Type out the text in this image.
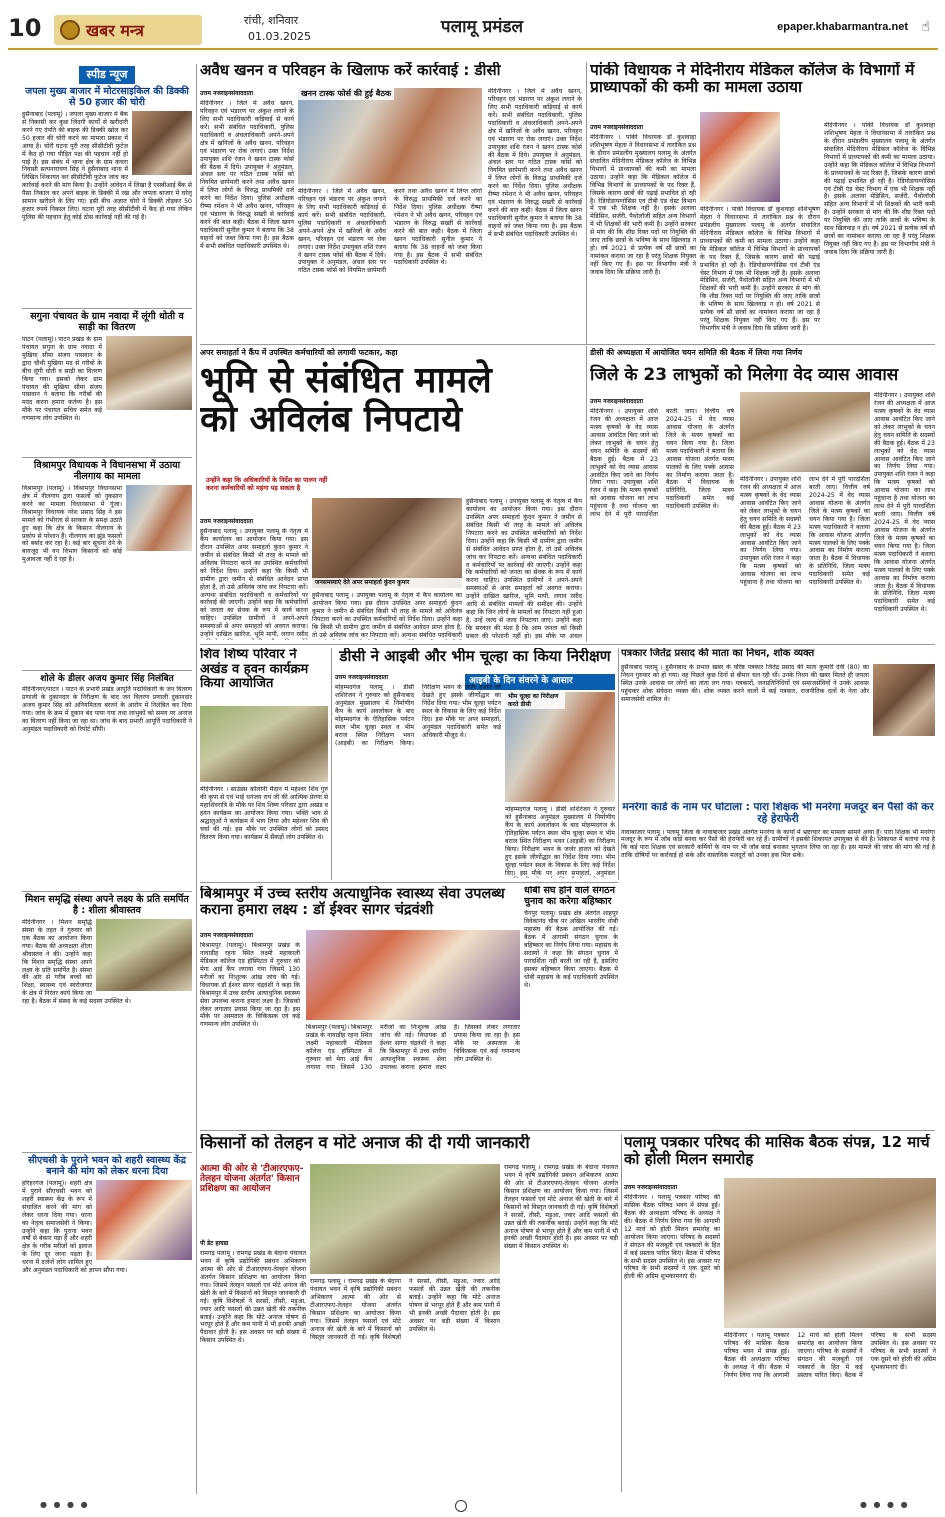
10	खबर मन्त्र
रांची, शनिवार
01.03.2025	पलामू प्रमंडल	epaper.khabarmantra.net ☝
स्पीड न्यूज
जपला मुख्य बाजार में मोटरसाइकिल की डिक्की से 50 हजार की चोरी
हुसैनाबाद (पलामू) । जपला मुख्य बाजार में बैंक से निकासी कर कुछ जिंदगी कार्यों से खरीदारी करने गए दंपति की बाइक की डिक्की खोल कर 50 हजार की चोरी करने का मामला प्रकाश में आया है। चोरी घटना पूरी तरह सीसीटीवी फुटेज में कैद हो गया पीड़ित पक्ष की पहचान नहीं हो पाई है। इस संबंध में थाना क्षेत्र के ग्राम कचरा निवासी सत्यनारायण सिंह ने हुसैनाबाद थाना में लिखित शिकायत कर सीसीटीवी फुटेज जांच कर कार्रवाई करने की मांग किया है। उन्होंने आवेदन में लिखा है एसबीआई बैंक से पैसा निकाल कर अपने बाइक के डिक्की में रख और जपला बाजार में घरेलू सामान खरीदने के लिए गए। इसी बीच अज्ञात चोरों ने डिक्की तोड़कर 50 हजार रुपये निकाल लिए। घटना पूरी तरह सीसीटीवी में कैद हो गया लेकिन पुलिस की पहचान हेतु कोई ठोस कार्रवाई नहीं की गई है।
सगुना पंचायत के ग्राम नवादा में लूंगी धोती व साड़ी का वितरण
पाटन (पलामू)। पाटन प्रखंड के ग्राम पंचायत सगुना के ग्राम नवादा में मुखिया सीमा संजय पासवान के द्वारा चौथी मुखिया मद से गरीबों के बीच लूंगी धोती व साड़ी का वितरण किया गया। इसको लेकर ग्राम पंचायत की मुखिया सीमा संजय पासवान ने बताया कि गरीबों की मदद करना हमारा कर्तव्य है। इस मौके पर पंचायत सचिव समेत कई गणमान्य लोग उपस्थित थे।
विश्रामपुर विधायक ने विधानसभा में उठाया नीलगाय का मामला
विश्रामपुर (पलामू) । विश्रामपुर विधानसभा क्षेत्र में नीलगाय द्वारा फसलों को नुकसान करने का मामला विधानसभा में गूंजा। विश्रामपुर विधायक नरेश प्रसाद सिंह ने इस मामले को गंभीरता से सरकार के समक्ष उठाते हुए कहा कि क्षेत्र के किसान नीलगाय के प्रकोप से परेशान हैं। नीलगाय का झुंड फसलों को बर्बाद कर रहा है। कई बार सूचना देने के बावजूद भी वन विभाग किसानों को कोई मुआवजा नहीं दे रहा है।
शोले के डीलर अजय कुमार सिंह निलंबित
मेदिनीनगर/पाटन । पाटन के प्रभारी प्रखंड आपूर्ति पदाधिकारी के जन वितरण प्रणाली के दुकानदार के निरीक्षण के बाद जन वितरण प्रणाली दुकानदार अजय कुमार सिंह को अनियमितता बरतने के आरोप में निलंबित कर दिया गया। जांच के क्रम में दुकान बंद पाया गया तथा लाभुकों को समय पर अनाज का वितरण नहीं किया जा रहा था। जांच के बाद प्रभारी आपूर्ति पदाधिकारी ने अनुमंडल पदाधिकारी को रिपोर्ट सौंपी।
मिशन समृद्धि संस्था अपने लक्ष्य के प्रति समर्पित है : शीला श्रीवास्तव
मेदिनीनगर । मिशन समृद्धि संस्था के तहत ने गुरुवार को एक बैठक का आयोजन किया गया। बैठक की अध्यक्षता शीला श्रीवास्तव ने की। उन्होंने कहा कि मिशन समृद्धि संस्था अपने लक्ष्य के प्रति समर्पित है। संस्था की ओर से गरीब बच्चों को शिक्षा, स्वास्थ्य एवं स्वरोजगार के क्षेत्र में निरंतर कार्य किया जा रहा है। बैठक में संस्था के कई सदस्य उपस्थित थे।
सीएचसी के पुराने भवन को शहरी स्वास्थ्य केंद्र बनाने की मांग को लेकर धरना दिया
हरिहरगंज (पलामू)। शहरी क्षेत्र में पुराने सीएचसी भवन को शहरी स्वास्थ्य केंद्र के रूप में संचालित करने की मांग को लेकर धरना दिया गया। धरना का नेतृत्व समाजसेवी ने किया। उन्होंने कहा कि पुराना भवन वर्षों से बेकार पड़ा है और शहरी क्षेत्र के गरीब मरीजों को इलाज के लिए दूर जाना पड़ता है। धरना में दर्जनों लोग शामिल हुए और अनुमंडल पदाधिकारी को ज्ञापन सौंपा गया।
अवैध खनन व परिवहन के खिलाफ करें कार्रवाई : डीसी
खनन टास्क फोर्स की हुई बैठक
उत्तम नजराइनसंवाददाता
मेदिनीनगर । जिले में अवैध खनन, परिवहन एवं भंडारण पर अंकुश लगाने के लिए सभी पदाधिकारी कड़ियाई से कार्य करें। सभी संबंधित पदाधिकारी, पुलिस पदाधिकारी व अंचलाधिकारी अपने-अपने क्षेत्र में खनिजों के अवैध खनन, परिवहन एवं भंडारण पर रोक लगाएं। उक्त निर्देश उपायुक्त शशि रंजन ने खनन टास्क फोर्स की बैठक में दिये। उपायुक्त ने अनुमंडल, अंचल स्तर पर गठित टास्क फोर्स को नियमित छापेमारी करने तथा अवैध खनन में लिप्त लोगों के विरुद्ध प्राथमिकी दर्ज करने का निर्देश दिया। पुलिस अधीक्षक रीष्मा रमेशन ने भी अवैध खनन, परिवहन एवं भंडारण के विरुद्ध सख्ती से कार्रवाई करने की बात कही। बैठक में जिला खनन पदाधिकारी सुनील कुमार ने बताया कि 38 वाहनों को जब्त किया गया है। इस बैठक में सभी संबंधित पदाधिकारी उपस्थित थे।
मेदिनीनगर । जिले में अवैध खनन, परिवहन एवं भंडारण पर अंकुश लगाने के लिए सभी पदाधिकारी कड़ियाई से कार्य करें। सभी संबंधित पदाधिकारी, पुलिस पदाधिकारी व अंचलाधिकारी अपने-अपने क्षेत्र में खनिजों के अवैध खनन, परिवहन एवं भंडारण पर रोक लगाएं। उक्त निर्देश उपायुक्त शशि रंजन ने खनन टास्क फोर्स की बैठक में दिये। उपायुक्त ने अनुमंडल, अंचल स्तर पर गठित टास्क फोर्स को नियमित छापेमारी करने तथा अवैध खनन में लिप्त लोगों के विरुद्ध प्राथमिकी दर्ज करने का निर्देश दिया। पुलिस अधीक्षक रीष्मा रमेशन ने भी अवैध खनन, परिवहन एवं भंडारण के विरुद्ध सख्ती से कार्रवाई करने की बात कही। बैठक में जिला खनन पदाधिकारी सुनील कुमार ने बताया कि 38 वाहनों को जब्त किया गया है। इस बैठक में सभी संबंधित पदाधिकारी उपस्थित थे।
मेदिनीनगर । जिले में अवैध खनन, परिवहन एवं भंडारण पर अंकुश लगाने के लिए सभी पदाधिकारी कड़ियाई से कार्य करें। सभी संबंधित पदाधिकारी, पुलिस पदाधिकारी व अंचलाधिकारी अपने-अपने क्षेत्र में खनिजों के अवैध खनन, परिवहन एवं भंडारण पर रोक लगाएं। उक्त निर्देश उपायुक्त शशि रंजन ने खनन टास्क फोर्स की बैठक में दिये। उपायुक्त ने अनुमंडल, अंचल स्तर पर गठित टास्क फोर्स को नियमित छापेमारी करने तथा अवैध खनन में लिप्त लोगों के विरुद्ध प्राथमिकी दर्ज करने का निर्देश दिया। पुलिस अधीक्षक रीष्मा रमेशन ने भी अवैध खनन, परिवहन एवं भंडारण के विरुद्ध सख्ती से कार्रवाई करने की बात कही। बैठक में जिला खनन पदाधिकारी सुनील कुमार ने बताया कि 38 वाहनों को जब्त किया गया है। इस बैठक में सभी संबंधित पदाधिकारी उपस्थित थे।
पांकी विधायक ने मेदिनीराय मेडिकल कॉलेज के विभागों में प्राध्यापकों की कमी का मामला उठाया
उत्तम नजराइनसंवाददाता
मेदिनीनगर । पांकी विधायक डॉ कुशवाहा शशिभूषण मेहता ने विधानसभा में तारांकित प्रश्न के दौरान प्रमंडलीय मुख्यालय पलामू के अंतर्गत संचालित मेदिनीराय मेडिकल कॉलेज के विभिन्न विभागों में प्राध्यापकों की कमी का मामला उठाया। उन्होंने कहा कि मेडिकल कॉलेज में विभिन्न विभागों के प्राध्यापकों के पद रिक्त हैं, जिसके कारण छात्रों की पढ़ाई प्रभावित हो रही है। रेडियोडायग्नोसिस एवं टीबी एंड चेस्ट विभाग में एक भी शिक्षक नहीं है। इसके अलावा मेडिसिन, सर्जरी, पैथोलॉजी सहित अन्य विभागों में भी शिक्षकों की भारी कमी है। उन्होंने सरकार से मांग की कि शीघ्र रिक्त पदों पर नियुक्ति की जाए ताकि छात्रों के भविष्य के साथ खिलवाड़ न हो। वर्ष 2021 से प्रत्येक वर्ष सौ छात्रों का नामांकन कराया जा रहा है परंतु शिक्षक नियुक्त नहीं किए गए हैं। इस पर विभागीय मंत्री ने जवाब दिया कि प्रक्रिया जारी है।
मेदिनीनगर । पांकी विधायक डॉ कुशवाहा शशिभूषण मेहता ने विधानसभा में तारांकित प्रश्न के दौरान प्रमंडलीय मुख्यालय पलामू के अंतर्गत संचालित मेदिनीराय मेडिकल कॉलेज के विभिन्न विभागों में प्राध्यापकों की कमी का मामला उठाया। उन्होंने कहा कि मेडिकल कॉलेज में विभिन्न विभागों के प्राध्यापकों के पद रिक्त हैं, जिसके कारण छात्रों की पढ़ाई प्रभावित हो रही है। रेडियोडायग्नोसिस एवं टीबी एंड चेस्ट विभाग में एक भी शिक्षक नहीं है। इसके अलावा मेडिसिन, सर्जरी, पैथोलॉजी सहित अन्य विभागों में भी शिक्षकों की भारी कमी है। उन्होंने सरकार से मांग की कि शीघ्र रिक्त पदों पर नियुक्ति की जाए ताकि छात्रों के भविष्य के साथ खिलवाड़ न हो। वर्ष 2021 से प्रत्येक वर्ष सौ छात्रों का नामांकन कराया जा रहा है परंतु शिक्षक नियुक्त नहीं किए गए हैं। इस पर विभागीय मंत्री ने जवाब दिया कि प्रक्रिया जारी है।
मेदिनीनगर । पांकी विधायक डॉ कुशवाहा शशिभूषण मेहता ने विधानसभा में तारांकित प्रश्न के दौरान प्रमंडलीय मुख्यालय पलामू के अंतर्गत संचालित मेदिनीराय मेडिकल कॉलेज के विभिन्न विभागों में प्राध्यापकों की कमी का मामला उठाया। उन्होंने कहा कि मेडिकल कॉलेज में विभिन्न विभागों के प्राध्यापकों के पद रिक्त हैं, जिसके कारण छात्रों की पढ़ाई प्रभावित हो रही है। रेडियोडायग्नोसिस एवं टीबी एंड चेस्ट विभाग में एक भी शिक्षक नहीं है। इसके अलावा मेडिसिन, सर्जरी, पैथोलॉजी सहित अन्य विभागों में भी शिक्षकों की भारी कमी है। उन्होंने सरकार से मांग की कि शीघ्र रिक्त पदों पर नियुक्ति की जाए ताकि छात्रों के भविष्य के साथ खिलवाड़ न हो। वर्ष 2021 से प्रत्येक वर्ष सौ छात्रों का नामांकन कराया जा रहा है परंतु शिक्षक नियुक्त नहीं किए गए हैं। इस पर विभागीय मंत्री ने जवाब दिया कि प्रक्रिया जारी है।
अपर समाहर्ता ने कैंप में उपस्थित कर्मचारियों को लगायी फटकार, कहा
भूमि से संबंधित मामले को अविलंब निपटाये
उन्होंने कहा कि अधिकारियों के निर्देश का पालन नहीं करना कर्मचारियों को महंगा पड़ सकता है
उत्तम नजराइनसंवाददाता
जनसमस्याएं देते अपर समाहर्ता कुंदन कुमार
हुसैनाबाद पलामू । उपायुक्त पलामू के नेतृत्व में कैंप कार्यालय का आयोजन किया गया। इस दौरान उपस्थित अपर समाहर्ता कुंदन कुमार ने जमीन से संबंधित किसी भी तरह के मामले को अविलंब निपटारा करने का उपस्थित कर्मचारियों को निर्देश दिया। उन्होंने कहा कि किसी भी ग्रामीण द्वारा जमीन से संबंधित आवेदन प्राप्त होता है, तो उसे अविलंब जांच कर निपटारा करें। अन्यथा संबंधित पदाधिकारी व कर्मचारियों पर कार्रवाई की जाएगी। उन्होंने कहा कि कर्मचारियों को जनता का सेवक के रूप में कार्य करना चाहिए। उपस्थित ग्रामीणों ने अपने-अपने समस्याओं से अपर समाहर्ता को अवगत कराया। उन्होंने दाखिल खारिज, भूमि मापी, लगान रसीद
हुसैनाबाद पलामू । उपायुक्त पलामू के नेतृत्व में कैंप कार्यालय का आयोजन किया गया। इस दौरान उपस्थित अपर समाहर्ता कुंदन कुमार ने जमीन से संबंधित किसी भी तरह के मामले को अविलंब निपटारा करने का उपस्थित कर्मचारियों को निर्देश दिया। उन्होंने कहा कि किसी भी ग्रामीण द्वारा जमीन से संबंधित आवेदन प्राप्त होता है, तो उसे अविलंब जांच कर निपटारा करें। अन्यथा संबंधित पदाधिकारी
हुसैनाबाद पलामू । उपायुक्त पलामू के नेतृत्व में कैंप कार्यालय का आयोजन किया गया। इस दौरान उपस्थित अपर समाहर्ता कुंदन कुमार ने जमीन से संबंधित किसी भी तरह के मामले को अविलंब निपटारा करने का उपस्थित कर्मचारियों को निर्देश दिया। उन्होंने कहा कि किसी भी ग्रामीण द्वारा जमीन से संबंधित आवेदन प्राप्त होता है, तो उसे अविलंब जांच कर निपटारा करें। अन्यथा संबंधित पदाधिकारी व कर्मचारियों पर कार्रवाई की जाएगी। उन्होंने कहा कि कर्मचारियों को जनता का सेवक के रूप में कार्य करना चाहिए। उपस्थित ग्रामीणों ने अपने-अपने समस्याओं से अपर समाहर्ता को अवगत कराया। उन्होंने दाखिल खारिज, भूमि मापी, लगान रसीद आदि से संबंधित मामलों की समीक्षा की। उन्होंने कहा कि जिन लोगों के मामलों का निपटारा नहीं हुआ है, उन्हें जल्द से जल्द निपटाया जाए। उन्होंने कहा कि सरकार की मंशा है कि आम जनता को किसी प्रकार की परेशानी नहीं हो। इस मौके पर अंचल
डीसी की अध्यक्षता में आयोजित चयन समिति की बैठक में लिया गया निर्णय
जिले के 23 लाभुकों को मिलेगा वेद व्यास आवास
उत्तम नजराइनसंवाददाता
मेदिनीनगर । उपायुक्त शशि रंजन की अध्यक्षता में आज मत्स्य कृषकों के वेद व्यास आवास आवंटित किए जाने को लेकर लाभुकों के चयन हेतु चयन समिति के सदस्यों की बैठक हुई। बैठक में 23 लाभुकों को वेद व्यास आवास आवंटित किए जाने का निर्णय लिया गया। उपायुक्त शशि रंजन ने कहा कि मत्स्य कृषकों को आवास योजना का लाभ पहुंचाना है तथा योजना का लाभ देने में पूरी पारदर्शिता बरती जाए। वित्तीय वर्ष 2024-25 में वेद व्यास आवास योजना के अंतर्गत जिले के मत्स्य कृषकों का चयन किया गया है। जिला मत्स्य पदाधिकारी ने बताया कि आवास योजना अंतर्गत मत्स्य पालकों के लिए पक्के आवास का निर्माण कराया जाता है। बैठक में विधायक के प्रतिनिधि, जिला मत्स्य पदाधिकारी समेत कई पदाधिकारी उपस्थित थे।
मेदिनीनगर । उपायुक्त शशि रंजन की अध्यक्षता में आज मत्स्य कृषकों के वेद व्यास आवास आवंटित किए जाने को लेकर लाभुकों के चयन हेतु चयन समिति के सदस्यों की बैठक हुई। बैठक में 23 लाभुकों को वेद व्यास आवास आवंटित किए जाने का निर्णय लिया गया। उपायुक्त शशि रंजन ने कहा कि मत्स्य कृषकों को आवास योजना का लाभ पहुंचाना है तथा योजना का लाभ देने में पूरी पारदर्शिता बरती जाए। वित्तीय वर्ष 2024-25 में वेद व्यास आवास योजना के अंतर्गत जिले के मत्स्य कृषकों का चयन किया गया है। जिला मत्स्य पदाधिकारी ने बताया कि आवास योजना अंतर्गत मत्स्य पालकों के लिए पक्के आवास का निर्माण कराया जाता है। बैठक में विधायक के प्रतिनिधि, जिला मत्स्य पदाधिकारी समेत कई पदाधिकारी उपस्थित थे।
मेदिनीनगर । उपायुक्त शशि रंजन की अध्यक्षता में आज मत्स्य कृषकों के वेद व्यास आवास आवंटित किए जाने को लेकर लाभुकों के चयन हेतु चयन समिति के सदस्यों की बैठक हुई। बैठक में 23 लाभुकों को वेद व्यास आवास आवंटित किए जाने का निर्णय लिया गया। उपायुक्त शशि रंजन ने कहा कि मत्स्य कृषकों को आवास योजना का लाभ पहुंचाना है तथा योजना का लाभ देने में पूरी पारदर्शिता बरती जाए। वित्तीय वर्ष 2024-25 में वेद व्यास आवास योजना के अंतर्गत जिले के मत्स्य कृषकों का चयन किया गया है। जिला मत्स्य पदाधिकारी ने बताया कि आवास योजना अंतर्गत मत्स्य पालकों के लिए पक्के आवास का निर्माण कराया जाता है। बैठक में विधायक के प्रतिनिधि, जिला मत्स्य पदाधिकारी समेत कई पदाधिकारी उपस्थित थे।
शिव शिष्य परिवार ने अखंड व हवन कार्यक्रम किया आयोजित
मेदिनीनगर । साउंडस कॉलोनी मैदान में महेश्वर शिव गुरु की कृपा से एवं भाई धनंजय राय जी की आत्मिक प्रेरणा से महाशिवरात्रि के मौके पर शिव शिष्य परिवार द्वारा अखंड व हवन कार्यक्रम का आयोजन किया गया। भक्ति भाव से श्रद्धालुओं ने कार्यक्रम में भाग लिया और महेश्वर शिव की चर्चा की गई। इस मौके पर उपस्थित लोगों को प्रसाद वितरण किया गया। कार्यक्रम में सैकड़ों लोग उपस्थित थे।
डीसी ने आइबी और भीम चूल्हा का किया निरीक्षण
उत्तम नजराइनसंवाददाता	आइबी के दिन संवरने के आसार
भीम चूल्हा का निरीक्षण करते डीसी
मोहम्मदगंज पलामू । डीसी शशिरंजन ने गुरुवार को हुसैनाबाद अनुमंडल मुख्यालय में निर्माणीय कैंप के कार्य अवलोकन के बाद मोहम्मदगंज के ऐतिहासिक पर्यटन स्थल भीम चूल्हा स्थल व भीम बराज स्थित निरीक्षण भवन (आइबी) का निरीक्षण किया। निरीक्षण भवन के जर्जर हालत को देखते हुए इसके जीर्णोद्धार का निर्देश दिया गया। भीम चूल्हा पर्यटन स्थल के विकास के लिए कई निर्देश दिए। इस मौके पर अपर समाहर्ता, अनुमंडल पदाधिकारी समेत कई अधिकारी मौजूद थे।
मोहम्मदगंज पलामू । डीसी शशिरंजन ने गुरुवार को हुसैनाबाद अनुमंडल मुख्यालय में निर्माणीय कैंप के कार्य अवलोकन के बाद मोहम्मदगंज के ऐतिहासिक पर्यटन स्थल भीम चूल्हा स्थल व भीम बराज स्थित निरीक्षण भवन (आइबी) का निरीक्षण किया। निरीक्षण भवन के जर्जर हालत को देखते हुए इसके जीर्णोद्धार का निर्देश दिया गया। भीम चूल्हा पर्यटन स्थल के विकास के लिए कई निर्देश दिए। इस मौके पर अपर समाहर्ता, अनुमंडल
पत्रकार जितेंद्र प्रसाद की माता का निधन, शोक व्यक्त
हुसैनाबाद पलामू । हुसैनाबाद के प्रभात खबर के वरिष्ठ पत्रकार जितेंद्र प्रसाद की माता कुमारी देवी (80) का निधन गुरुवार को हो गया। वह पिछले कुछ दिनों से बीमार चल रही थीं। उनके निधन की खबर मिलते ही जपला स्थित उनके आवास पर लोगों का तांता लग गया। पत्रकारों, जनप्रतिनिधियों एवं समाजसेवियों ने उनके आवास पहुंचकर शोक संवेदना व्यक्त की। शोक व्यक्त करने वालों में कई पत्रकार, राजनीतिक दलों के नेता और समाजसेवी शामिल थे।
मनरेगा कार्ड के नाम पर घोटाला : पारा शिक्षक भी मनरेगा मजदूर बन पैसों की कर रहे हेराफेरी
नावाबाजार पलामू । पलामू जिला के नावाबाजार प्रखंड अंतर्गत मनरेगा के कार्यों में भ्रष्टाचार का मामला सामने आया है। पारा शिक्षक भी मनरेगा मजदूर के रूप में जॉब कार्ड बनवा कर पैसों की हेराफेरी कर रहे हैं। ग्रामीणों ने इसकी शिकायत उपायुक्त से की है। शिकायत में बताया गया है कि कई पारा शिक्षक एवं सरकारी कर्मियों के नाम पर भी जॉब कार्ड बनाकर भुगतान लिया जा रहा है। इस मामले की जांच की मांग की गई है ताकि दोषियों पर कार्रवाई हो सके और वास्तविक मजदूरों को उनका हक मिल सके।
बिश्रामपुर में उच्च स्तरीय अत्याधुनिक स्वास्थ्य सेवा उपलब्ध कराना हमारा लक्ष्य : डॉ ईश्वर सागर चंद्रवंशी
उत्तम नजराइनसंवाददाता
बिश्रामपुर (पलामू)। बिश्रामपुर प्रखंड के नावाडीह रहना स्थित लक्ष्मी महाकाली मेडिकल कॉलेज एंड हॉस्पिटल में गुरुवार को मेगा आई कैंप लगाया गया जिसमें 130 मरीजों का निःशुल्क आंख जांच की गई। विधायक डॉ ईश्वर सागर चंद्रवंशी ने कहा कि बिश्रामपुर में उच्च स्तरीय अत्याधुनिक स्वास्थ्य सेवा उपलब्ध कराना हमारा लक्ष्य है। जिसको लेकर लगातार प्रयास किया जा रहा है। इस मौके पर अस्पताल के चिकित्सक एवं कई गणमान्य लोग उपस्थित थे।	बिश्रामपुर (पलामू)। बिश्रामपुर प्रखंड के नावाडीह रहना स्थित लक्ष्मी महाकाली मेडिकल कॉलेज एंड हॉस्पिटल में गुरुवार को मेगा आई कैंप लगाया गया जिसमें 130 मरीजों का निःशुल्क आंख जांच की गई। विधायक डॉ ईश्वर सागर चंद्रवंशी ने कहा कि बिश्रामपुर में उच्च स्तरीय अत्याधुनिक स्वास्थ्य सेवा उपलब्ध कराना हमारा लक्ष्य है। जिसको लेकर लगातार प्रयास किया जा रहा है। इस मौके पर अस्पताल के चिकित्सक एवं कई गणमान्य लोग उपस्थित थे।
धोबी संघ होने वाले संगठन चुनाव का करेगा बहिष्कार
चैनपुर पलामू। प्रखंड क्षेत्र अंतर्गत शाहपुर विवेकानंद चौक पर अखिल भारतीय धोबी महासंघ की बैठक आयोजित की गई। बैठक में आगामी संगठन चुनाव के बहिष्कार का निर्णय लिया गया। महासंघ के सदस्यों ने कहा कि संगठन चुनाव में पारदर्शिता नहीं बरती जा रही है, इसलिए इसका बहिष्कार किया जाएगा। बैठक में धोबी महासंघ के कई पदाधिकारी उपस्थित थे।
किसानों को तेलहन व मोटे अनाज की दी गयी जानकारी
आत्मा की ओर से 'टीआरएफए-तेलहन योजना अंतर्गत' किसान प्रशिक्षण का आयोजन
पी डेट हायडा
रामगढ़ पलामू । रामगढ़ प्रखंड के बेदाना पंचायत भवन में कृषि प्रद्योगिकी प्रबंधन अभिकरण आत्मा की ओर से टीआरएफए-तेलहन योजना अंतर्गत किसान प्रशिक्षण का आयोजन किया गया। जिसमें तेलहन फसलों एवं मोटे अनाज की खेती के बारे में किसानों को विस्तृत जानकारी दी गई। कृषि विशेषज्ञों ने सरसों, तीसी, मड़ुआ, ज्वार आदि फसलों की उन्नत खेती की तकनीक बताई। उन्होंने कहा कि मोटे अनाज पोषण से भरपूर होते हैं और कम पानी में भी इनकी अच्छी पैदावार होती है। इस अवसर पर बड़ी संख्या में किसान उपस्थित थे।
रामगढ़ पलामू । रामगढ़ प्रखंड के बेदाना पंचायत भवन में कृषि प्रद्योगिकी प्रबंधन अभिकरण आत्मा की ओर से टीआरएफए-तेलहन योजना अंतर्गत किसान प्रशिक्षण का आयोजन किया गया। जिसमें तेलहन फसलों एवं मोटे अनाज की खेती के बारे में किसानों को विस्तृत जानकारी दी गई। कृषि विशेषज्ञों ने सरसों, तीसी, मड़ुआ, ज्वार आदि फसलों की उन्नत खेती की तकनीक बताई। उन्होंने कहा कि मोटे अनाज पोषण से भरपूर होते हैं और कम पानी में भी इनकी अच्छी पैदावार होती है। इस अवसर पर बड़ी संख्या में किसान उपस्थित थे।
रामगढ़ पलामू । रामगढ़ प्रखंड के बेदाना पंचायत भवन में कृषि प्रद्योगिकी प्रबंधन अभिकरण आत्मा की ओर से टीआरएफए-तेलहन योजना अंतर्गत किसान प्रशिक्षण का आयोजन किया गया। जिसमें तेलहन फसलों एवं मोटे अनाज की खेती के बारे में किसानों को विस्तृत जानकारी दी गई। कृषि विशेषज्ञों ने सरसों, तीसी, मड़ुआ, ज्वार आदि फसलों की उन्नत खेती की तकनीक बताई। उन्होंने कहा कि मोटे अनाज पोषण से भरपूर होते हैं और कम पानी में भी इनकी अच्छी पैदावार होती है। इस अवसर पर बड़ी संख्या में किसान उपस्थित थे।
पलामू पत्रकार परिषद की मासिक बैठक संपन्न, 12 मार्च को होली मिलन समारोह
उत्तम नजराइनसंवाददाता
मेदिनीनगर । पलामू पत्रकार परिषद की मासिक बैठक परिषद भवन में संपन्न हुई। बैठक की अध्यक्षता परिषद के अध्यक्ष ने की। बैठक में निर्णय लिया गया कि आगामी 12 मार्च को होली मिलन समारोह का आयोजन किया जाएगा। परिषद के सदस्यों ने संगठन की मजबूती एवं पत्रकारों के हित में कई प्रस्ताव पारित किए। बैठक में परिषद के सभी सदस्य उपस्थित थे। इस अवसर पर परिषद के सभी सदस्यों ने एक दूसरे को होली की अग्रिम शुभकामनाएं दी।
मेदिनीनगर । पलामू पत्रकार परिषद की मासिक बैठक परिषद भवन में संपन्न हुई। बैठक की अध्यक्षता परिषद के अध्यक्ष ने की। बैठक में निर्णय लिया गया कि आगामी 12 मार्च को होली मिलन समारोह का आयोजन किया जाएगा। परिषद के सदस्यों ने संगठन की मजबूती एवं पत्रकारों के हित में कई प्रस्ताव पारित किए। बैठक में परिषद के सभी सदस्य उपस्थित थे। इस अवसर पर परिषद के सभी सदस्यों ने एक दूसरे को होली की अग्रिम शुभकामनाएं दी।
● ● ● ●	● ● ● ●
